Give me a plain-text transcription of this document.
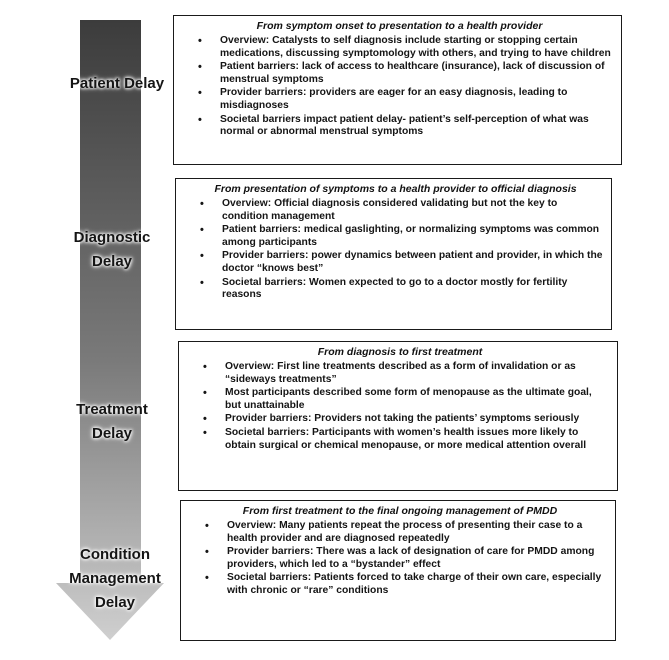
Patient Delay
Diagnostic
Delay
Treatment
Delay
Condition
Management
Delay
From symptom onset to presentation to a health provider
• Overview: Catalysts to self diagnosis include starting or stopping certain medications, discussing symptomology with others, and trying to have children
• Patient barriers: lack of access to healthcare (insurance), lack of discussion of menstrual symptoms
• Provider barriers: providers are eager for an easy diagnosis, leading to misdiagnoses
• Societal barriers impact patient delay- patient’s self-perception of what was normal or abnormal menstrual symptoms
From presentation of symptoms to a health provider to official diagnosis
• Overview: Official diagnosis considered validating but not the key to condition management
• Patient barriers: medical gaslighting, or normalizing symptoms was common among participants
• Provider barriers: power dynamics between patient and provider, in which the doctor “knows best”
• Societal barriers: Women expected to go to a doctor mostly for fertility reasons
From diagnosis to first treatment
• Overview: First line treatments described as a form of invalidation or as “sideways treatments”
• Most participants described some form of menopause as the ultimate goal, but unattainable
• Provider barriers: Providers not taking the patients’ symptoms seriously
• Societal barriers: Participants with women’s health issues more likely to obtain surgical or chemical menopause, or more medical attention overall
From first treatment to the final ongoing management of PMDD
• Overview: Many patients repeat the process of presenting their case to a health provider and are diagnosed repeatedly
• Provider barriers: There was a lack of designation of care for PMDD among providers, which led to a “bystander” effect
• Societal barriers: Patients forced to take charge of their own care, especially with chronic or “rare” conditions
